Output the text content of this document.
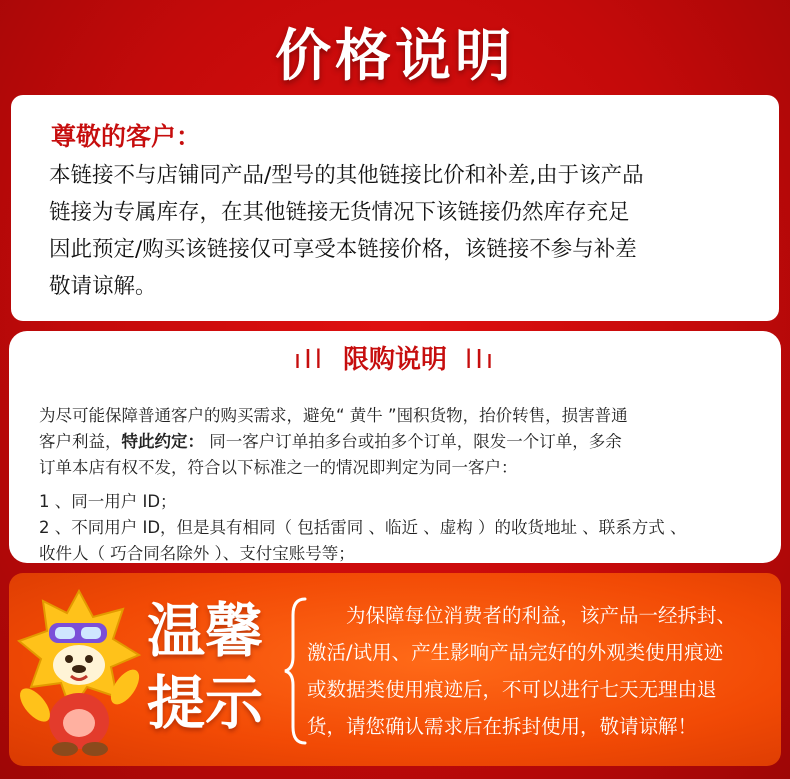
价格说明
尊敬的客户：
本链接不与店铺同产品/型号的其他链接比价和补差,由于该产品
链接为专属库存，在其他链接无货情况下该链接仍然库存充足
因此预定/购买该链接仅可享受本链接价格，该链接不参与补差
敬请谅解。
ıIl 限购说明 lIı
为尽可能保障普通客户的购买需求，避免“ 黄牛 ”囤积货物，抬价转售，损害普通
客户利益，特此约定： 同一客户订单拍多台或拍多个订单，限发一个订单，多余
订单本店有权不发，符合以下标准之一的情况即判定为同一客户：
1 、同一用户 ID；
2 、不同用户 ID，但是具有相同（ 包括雷同 、临近 、虚构 ）的收货地址 、联系方式 、
收件人（ 巧合同名除外 ）、支付宝账号等；
温馨
提示
　　为保障每位消费者的利益，该产品一经拆封、
激活/试用、产生影响产品完好的外观类使用痕迹
或数据类使用痕迹后，不可以进行七天无理由退
货，请您确认需求后在拆封使用，敬请谅解！
